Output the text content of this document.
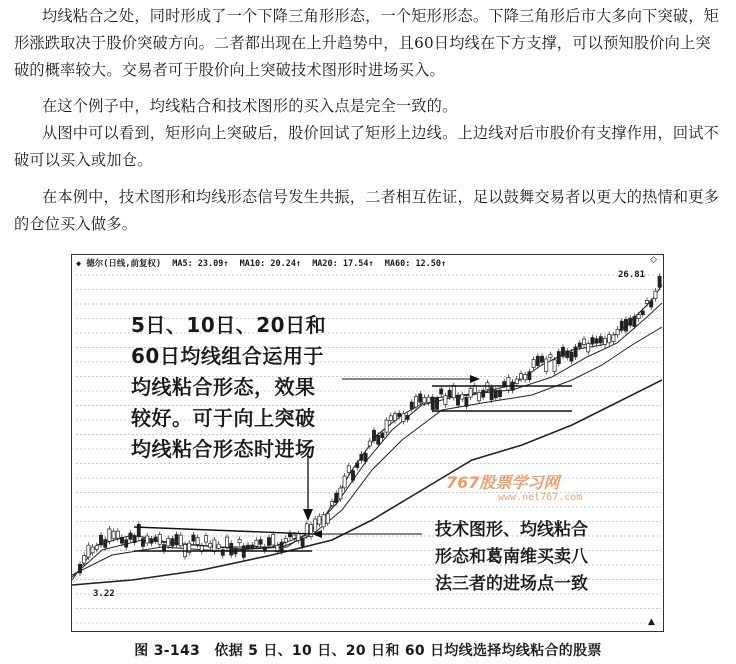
均线粘合之处，同时形成了一个下降三角形形态，一个矩形形态。下降三角形后市大多向下突破，矩形涨跌取决于股价突破方向。二者都出现在上升趋势中，且60日均线在下方支撑，可以预知股价向上突破的概率较大。交易者可于股价向上突破技术图形时进场买入。
在这个例子中，均线粘合和技术图形的买入点是完全一致的。
从图中可以看到，矩形向上突破后，股价回试了矩形上边线。上边线对后市股价有支撑作用，回试不破可以买入或加仓。
在本例中，技术图形和均线形态信号发生共振，二者相互佐证，足以鼓舞交易者以更大的热情和更多的仓位买入做多。
◆ 德尔(日线,前复权) MA5: 23.09↑ MA10: 20.24↑ MA20: 17.54↑ MA60: 12.50↑	◇
5日、10日、20日和
60日均线组合运用于
均线粘合形态，效果
较好。可于向上突破
均线粘合形态时进场
技术图形、均线粘合
形态和葛南维买卖八
法三者的进场点一致
767股票学习网
www.net767.com
26.81
3.22
▲
图 3-143　依据 5 日、10 日、20 日和 60 日均线选择均线粘合的股票
